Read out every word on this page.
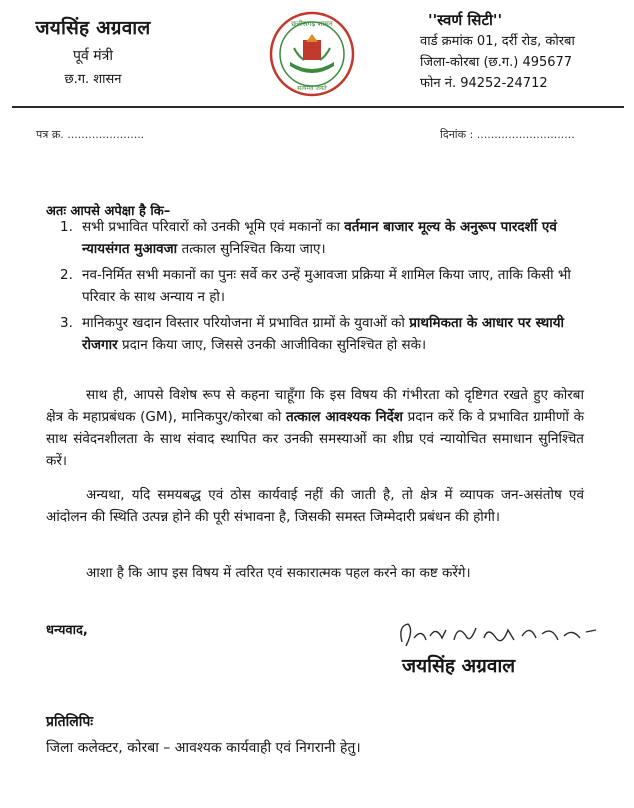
जयसिंह अग्रवाल
पूर्व मंत्री
छ.ग. शासन
छत्तीसगढ़ शासन
सत्यमेव जयते
''स्वर्ण सिटी''
वार्ड क्रमांक 01, दर्री रोड, कोरबा
जिला-कोरबा (छ.ग.) 495677
फोन नं. 94252-24712
पत्र क्र. ......................	दिनांक : ............................
अतः आपसे अपेक्षा है कि–
1. सभी प्रभावित परिवारों को उनकी भूमि एवं मकानों का वर्तमान बाजार मूल्य के अनुरूप पारदर्शी एवं न्यायसंगत मुआवजा तत्काल सुनिश्चित किया जाए।
2. नव-निर्मित सभी मकानों का पुनः सर्वे कर उन्हें मुआवजा प्रक्रिया में शामिल किया जाए, ताकि किसी भी परिवार के साथ अन्याय न हो।
3. मानिकपुर खदान विस्तार परियोजना में प्रभावित ग्रामों के युवाओं को प्राथमिकता के आधार पर स्थायी रोजगार प्रदान किया जाए, जिससे उनकी आजीविका सुनिश्चित हो सके।
साथ ही, आपसे विशेष रूप से कहना चाहूँगा कि इस विषय की गंभीरता को दृष्टिगत रखते हुए कोरबा क्षेत्र के महाप्रबंधक (GM), मानिकपुर/कोरबा को तत्काल आवश्यक निर्देश प्रदान करें कि वे प्रभावित ग्रामीणों के साथ संवेदनशीलता के साथ संवाद स्थापित कर उनकी समस्याओं का शीघ्र एवं न्यायोचित समाधान सुनिश्चित करें।
अन्यथा, यदि समयबद्ध एवं ठोस कार्यवाई नहीं की जाती है, तो क्षेत्र में व्यापक जन-असंतोष एवं आंदोलन की स्थिति उत्पन्न होने की पूरी संभावना है, जिसकी समस्त जिम्मेदारी प्रबंधन की होगी।
आशा है कि आप इस विषय में त्वरित एवं सकारात्मक पहल करने का कष्ट करेंगे।
धन्यवाद,
जयसिंह अग्रवाल
प्रतिलिपिः
जिला कलेक्टर, कोरबा – आवश्यक कार्यवाही एवं निगरानी हेतु।
